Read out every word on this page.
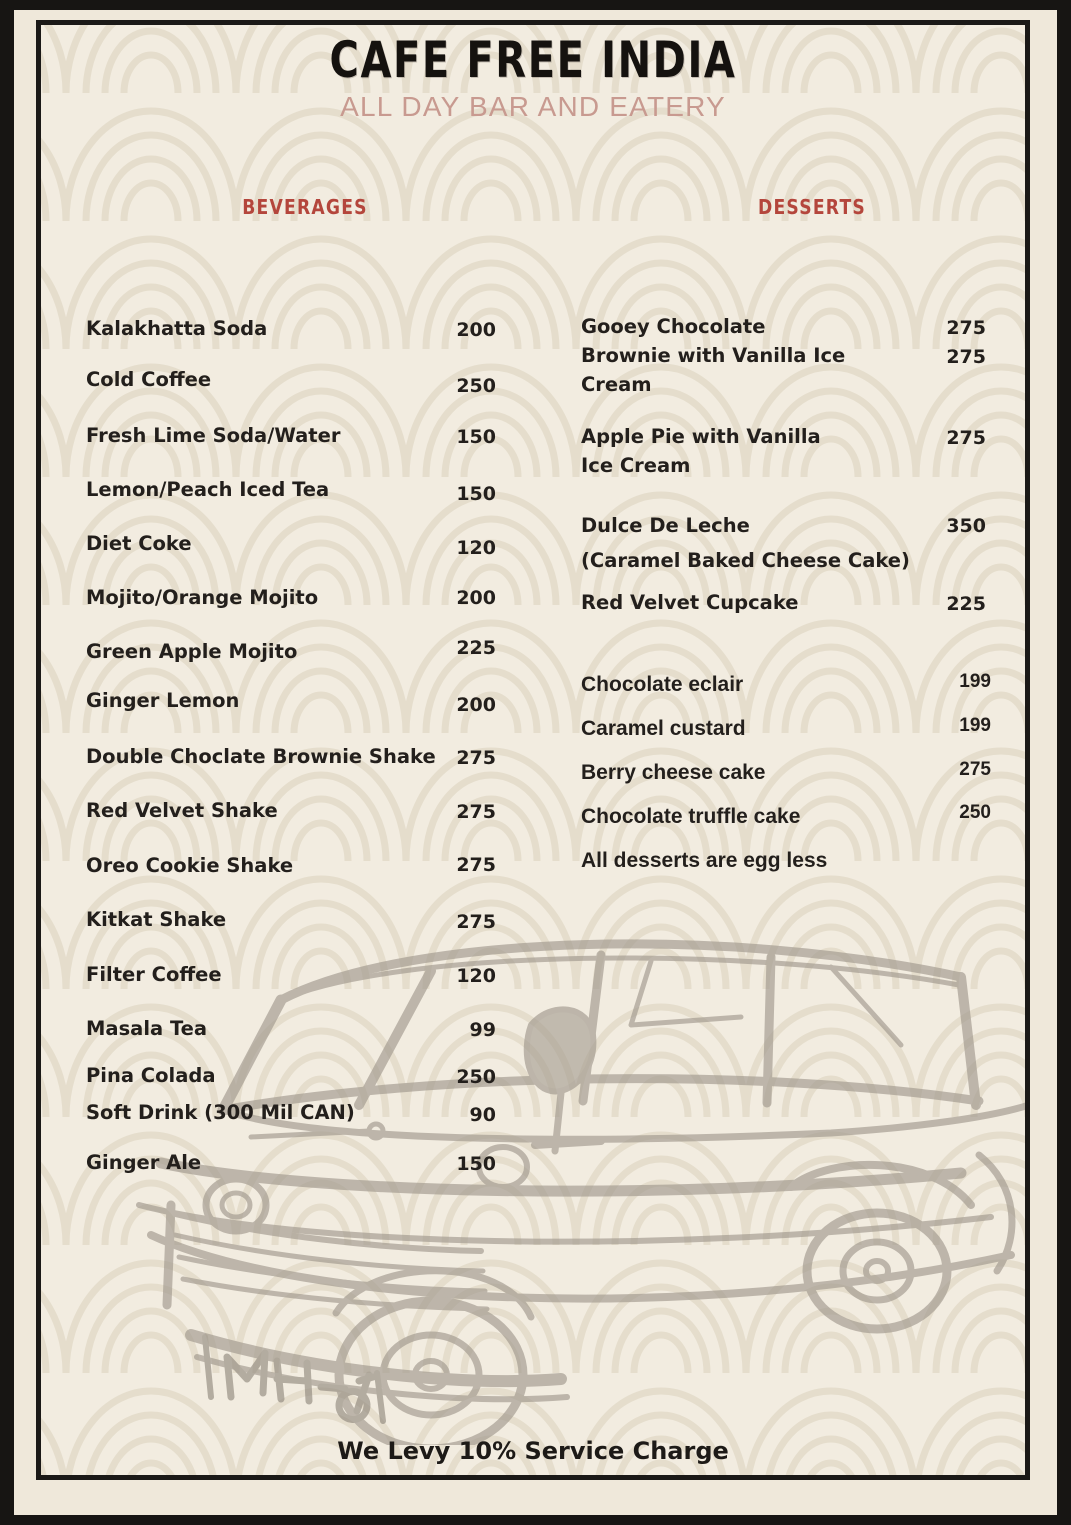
CAFE FREE INDIA
ALL DAY BAR AND EATERY
BEVERAGES
Kalakhatta Soda	200
Cold Coffee	250
Fresh Lime Soda/Water	150
Lemon/Peach Iced Tea	150
Diet Coke	120
Mojito/Orange Mojito	200
Green Apple Mojito	225
Ginger Lemon	200
Double Choclate Brownie Shake	275
Red Velvet Shake	275
Oreo Cookie Shake	275
Kitkat Shake	275
Filter Coffee	120
Masala Tea	99
Pina Colada	250
Soft Drink (300 Mil CAN)	90
Ginger Ale	150
DESSERTS
Gooey Chocolate	275
Brownie with Vanilla Ice	275
Cream
Apple Pie with Vanilla	275
Ice Cream
Dulce De Leche	350
(Caramel Baked Cheese Cake)
Red Velvet Cupcake	225
Chocolate eclair	199
Caramel custard	199
Berry cheese cake	275
Chocolate truffle cake	250
All desserts are egg less
We Levy 10% Service Charge
